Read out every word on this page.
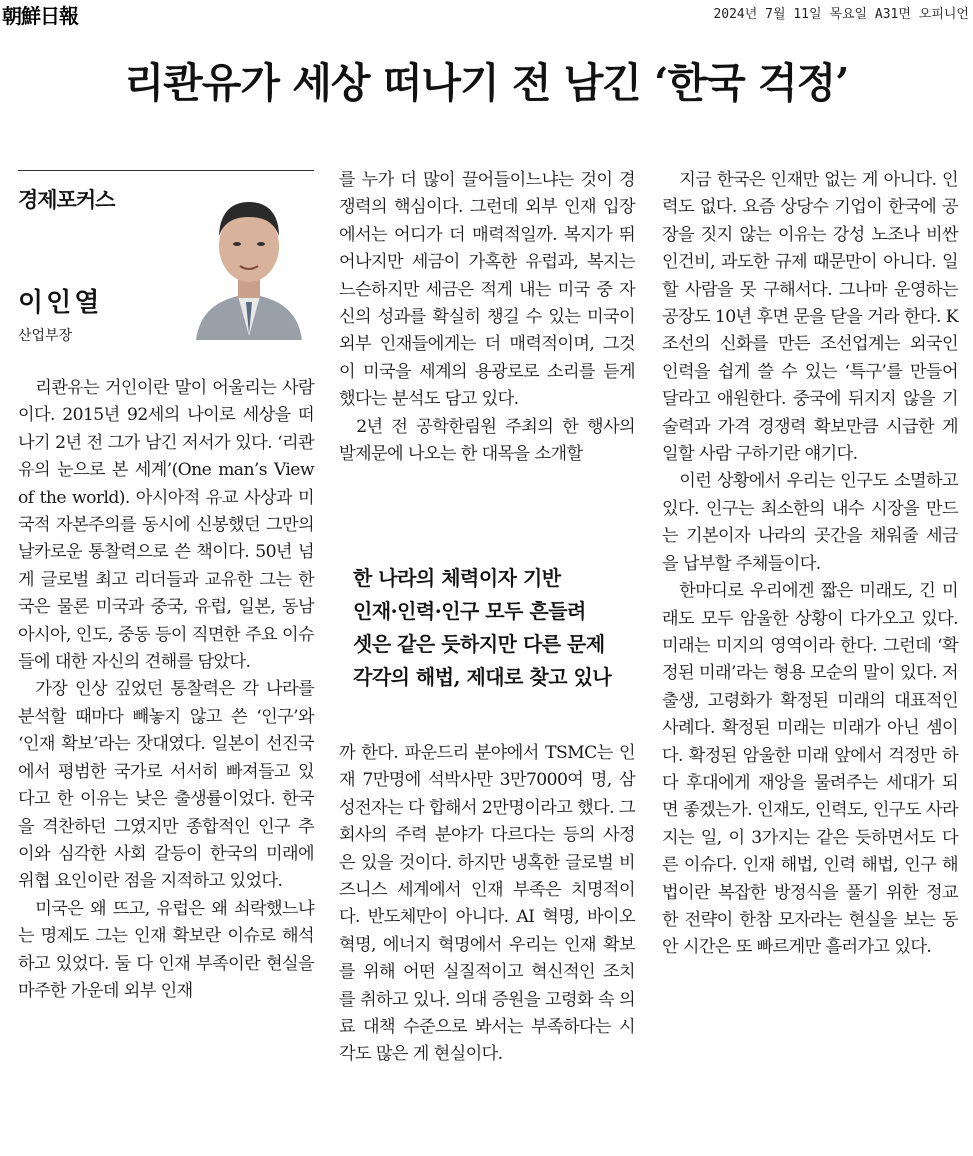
朝鮮日報	2024년 7월 11일 목요일 A31면 오피니언
리콴유가 세상 떠나기 전 남긴 ‘한국 걱정’
경제포커스
이인열
산업부장

리콴유는 거인이란 말이 어울리는 사람이다. 2015년 92세의 나이로 세상을 떠나기 2년 전 그가 남긴 저서가 있다. ‘리콴유의 눈으로 본 세계’(One man’s View of the world). 아시아적 유교 사상과 미국적 자본주의를 동시에 신봉했던 그만의 날카로운 통찰력으로 쓴 책이다. 50년 넘게 글로벌 최고 리더들과 교유한 그는 한국은 물론 미국과 중국, 유럽, 일본, 동남아시아, 인도, 중동 등이 직면한 주요 이슈들에 대한 자신의 견해를 담았다.

가장 인상 깊었던 통찰력은 각 나라를 분석할 때마다 빼놓지 않고 쓴 ‘인구’와 ‘인재 확보’라는 잣대였다. 일본이 선진국에서 평범한 국가로 서서히 빠져들고 있다고 한 이유는 낮은 출생률이었다. 한국을 격찬하던 그였지만 종합적인 인구 추이와 심각한 사회 갈등이 한국의 미래에 위협 요인이란 점을 지적하고 있었다.

미국은 왜 뜨고, 유럽은 왜 쇠락했느냐는 명제도 그는 인재 확보란 이슈로 해석하고 있었다. 둘 다 인재 부족이란 현실을 마주한 가운데 외부 인재

를 누가 더 많이 끌어들이느냐는 것이 경쟁력의 핵심이다. 그런데 외부 인재 입장에서는 어디가 더 매력적일까. 복지가 뛰어나지만 세금이 가혹한 유럽과, 복지는 느슨하지만 세금은 적게 내는 미국 중 자신의 성과를 확실히 챙길 수 있는 미국이 외부 인재들에게는 더 매력적이며, 그것이 미국을 세계의 용광로로 소리를 듣게 했다는 분석도 담고 있다.

2년 전 공학한림원 주최의 한 행사의 발제문에 나오는 한 대목을 소개할

한 나라의 체력이자 기반
인재·인력·인구 모두 흔들려
셋은 같은 듯하지만 다른 문제
각각의 해법, 제대로 찾고 있나

까 한다. 파운드리 분야에서 TSMC는 인재 7만명에 석박사만 3만7000여 명, 삼성전자는 다 합해서 2만명이라고 했다. 그 회사의 주력 분야가 다르다는 등의 사정은 있을 것이다. 하지만 냉혹한 글로벌 비즈니스 세계에서 인재 부족은 치명적이다. 반도체만이 아니다. AI 혁명, 바이오 혁명, 에너지 혁명에서 우리는 인재 확보를 위해 어떤 실질적이고 혁신적인 조치를 취하고 있나. 의대 증원을 고령화 속 의료 대책 수준으로 봐서는 부족하다는 시각도 많은 게 현실이다.

지금 한국은 인재만 없는 게 아니다. 인력도 없다. 요즘 상당수 기업이 한국에 공장을 짓지 않는 이유는 강성 노조나 비싼 인건비, 과도한 규제 때문만이 아니다. 일할 사람을 못 구해서다. 그나마 운영하는 공장도 10년 후면 문을 닫을 거라 한다. K조선의 신화를 만든 조선업계는 외국인 인력을 쉽게 쓸 수 있는 ‘특구’를 만들어 달라고 애원한다. 중국에 뒤지지 않을 기술력과 가격 경쟁력 확보만큼 시급한 게 일할 사람 구하기란 얘기다.

이런 상황에서 우리는 인구도 소멸하고 있다. 인구는 최소한의 내수 시장을 만드는 기본이자 나라의 곳간을 채워줄 세금을 납부할 주체들이다.

한마디로 우리에겐 짧은 미래도, 긴 미래도 모두 암울한 상황이 다가오고 있다. 미래는 미지의 영역이라 한다. 그런데 ‘확정된 미래’라는 형용 모순의 말이 있다. 저출생, 고령화가 확정된 미래의 대표적인 사례다. 확정된 미래는 미래가 아닌 셈이다. 확정된 암울한 미래 앞에서 걱정만 하다 후대에게 재앙을 물려주는 세대가 되면 좋겠는가. 인재도, 인력도, 인구도 사라지는 일, 이 3가지는 같은 듯하면서도 다른 이슈다. 인재 해법, 인력 해법, 인구 해법이란 복잡한 방정식을 풀기 위한 정교한 전략이 한참 모자라는 현실을 보는 동안 시간은 또 빠르게만 흘러가고 있다.
